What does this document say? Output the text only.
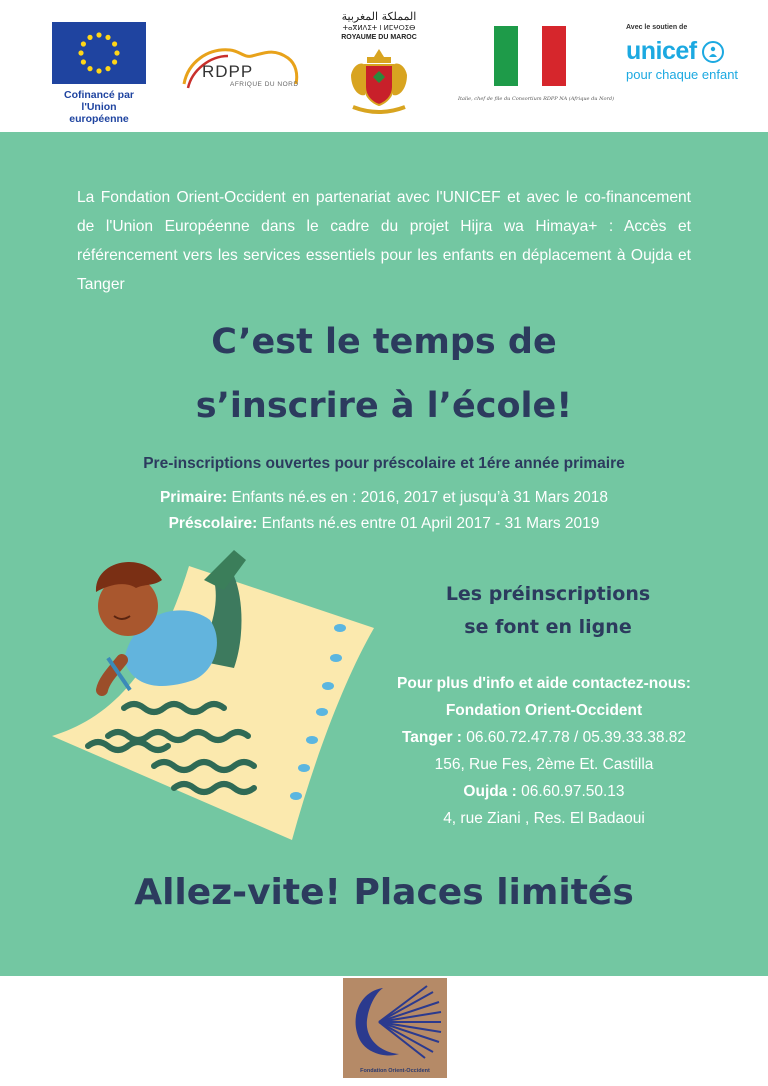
Cofinancé par
l'Union européenne
RDPP
AFRIQUE DU NORD
المملكة المغربية
ⵜⴰⴳⵍⴷⵉⵜ ⵏ ⵍⵎⵖⵔⵉⴱ
ROYAUME DU MAROC
Italie, chef de file du Consortium RDPP NA (Afrique du Nord)
Avec le soutien de
unicef
pour chaque enfant

La Fondation Orient-Occident en partenariat avec l'UNICEF et avec le co-financement de l'Union Européenne dans le cadre du projet Hijra wa Himaya+ : Accès et référencement vers les services essentiels pour les enfants en déplacement à Oujda et Tanger

C’est le temps de
s’inscrire à l’école!
Pre-inscriptions ouvertes pour préscolaire et 1ére année primaire
Primaire: Enfants né.es en : 2016, 2017 et jusqu’à 31 Mars 2018
Préscolaire: Enfants né.es entre 01 April 2017 - 31 Mars 2019
Les préinscriptions
se font en ligne
Pour plus d'info et aide contactez-nous:
Fondation Orient-Occident
Tanger : 06.60.72.47.78 / 05.39.33.38.82
156, Rue Fes, 2ème Et. Castilla
Oujda : 06.60.97.50.13
4, rue Ziani , Res. El Badaoui
Allez-vite! Places limités
Fondation Orient-Occident
